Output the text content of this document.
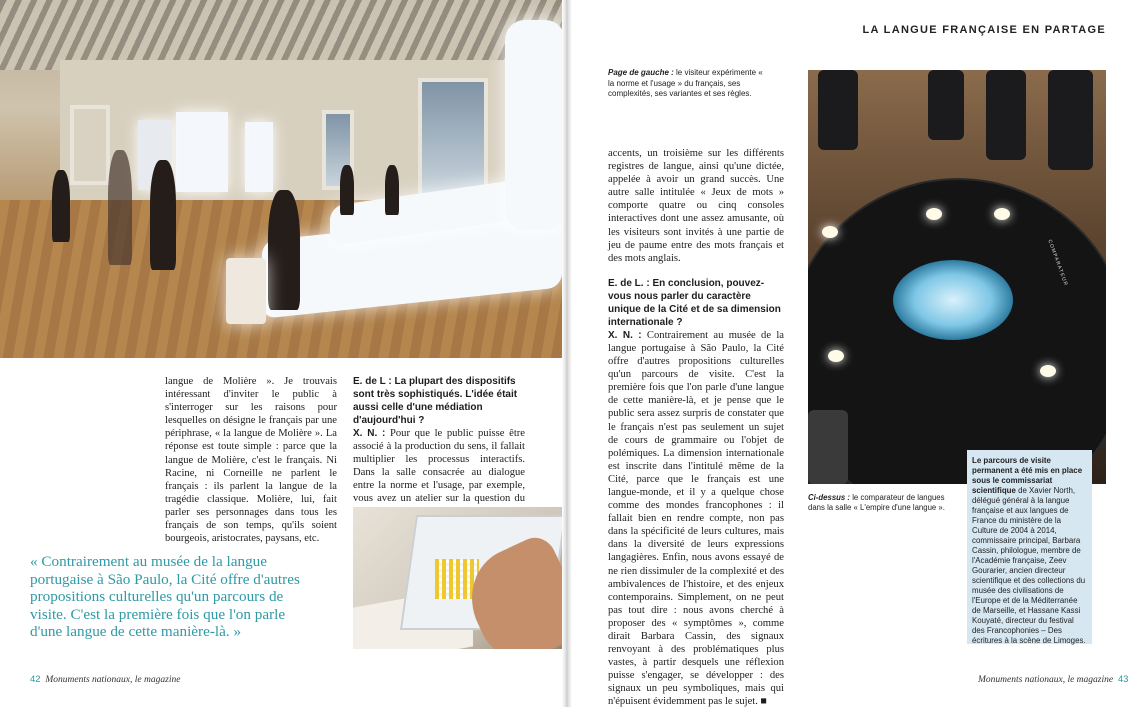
langue de Molière ». Je trouvais intéressant d'inviter le public à s'interroger sur les raisons pour lesquelles on désigne le français par une périphrase, « la langue de Molière ». La réponse est toute simple : parce que la langue de Molière, c'est le français. Ni Racine, ni Corneille ne parlent le français : ils parlent la langue de la tragédie classique. Molière, lui, fait parler ses personnages dans tous les français de son temps, qu'ils soient bourgeois, aristocrates, paysans, etc.

E. de L : La plupart des dispositifs sont très sophistiqués. L'idée était aussi celle d'une médiation d'aujourd'hui ?

X. N. : Pour que le public puisse être associé à la production du sens, il fallait multiplier les processus interactifs. Dans la salle consacrée au dialogue entre la norme et l'usage, par exemple, vous avez un atelier sur la question du

« Contrairement au musée de la langue portugaise à São Paulo, la Cité offre d'autres propositions culturelles qu'un parcours de visite. C'est la première fois que l'on parle d'une langue de cette manière-là. »
42 Monuments nationaux, le magazine
LA LANGUE FRANÇAISE EN PARTAGE
Page de gauche : le visiteur expérimente « la norme et l'usage » du français, ses complexités, ses variantes et ses règles.

accents, un troisième sur les différents registres de langue, ainsi qu'une dictée, appelée à avoir un grand succès. Une autre salle intitulée « Jeux de mots » comporte quatre ou cinq consoles interactives dont une assez amusante, où les visiteurs sont invités à une partie de jeu de paume entre des mots français et des mots anglais.

E. de L. : En conclusion, pouvez-vous nous parler du caractère unique de la Cité et de sa dimension internationale ?

X. N. : Contrairement au musée de la langue portugaise à São Paulo, la Cité offre d'autres propositions culturelles qu'un parcours de visite. C'est la première fois que l'on parle d'une langue de cette manière-là, et je pense que le public sera assez surpris de constater que le français n'est pas seulement un sujet de cours de grammaire ou l'objet de polémiques. La dimension internationale est inscrite dans l'intitulé même de la Cité, parce que le français est une langue-monde, et il y a quelque chose comme des mondes francophones : il fallait bien en rendre compte, non pas dans la spécificité de leurs cultures, mais dans la diversité de leurs expressions langagières. Enfin, nous avons essayé de ne rien dissimuler de la complexité et des ambivalences de l'histoire, et des enjeux contemporains. Simplement, on ne peut pas tout dire : nous avons cherché à proposer des « symptômes », comme dirait Barbara Cassin, des signaux renvoyant à des problématiques plus vastes, à partir desquels une réflexion puisse s'engager, se développer : des signaux un peu symboliques, mais qui n'épuisent évidemment pas le sujet. ■

COMPARATEUR
Ci-dessus : le comparateur de langues dans la salle « L'empire d'une langue ».
Le parcours de visite permanent a été mis en place sous le commissariat scientifique de Xavier North, délégué général à la langue française et aux langues de France du ministère de la Culture de 2004 à 2014, commissaire principal, Barbara Cassin, philologue, membre de l'Académie française, Zeev Gourarier, ancien directeur scientifique et des collections du musée des civilisations de l'Europe et de la Méditerranée de Marseille, et Hassane Kassi Kouyaté, directeur du festival des Francophonies – Des écritures à la scène de Limoges.
Monuments nationaux, le magazine 43
